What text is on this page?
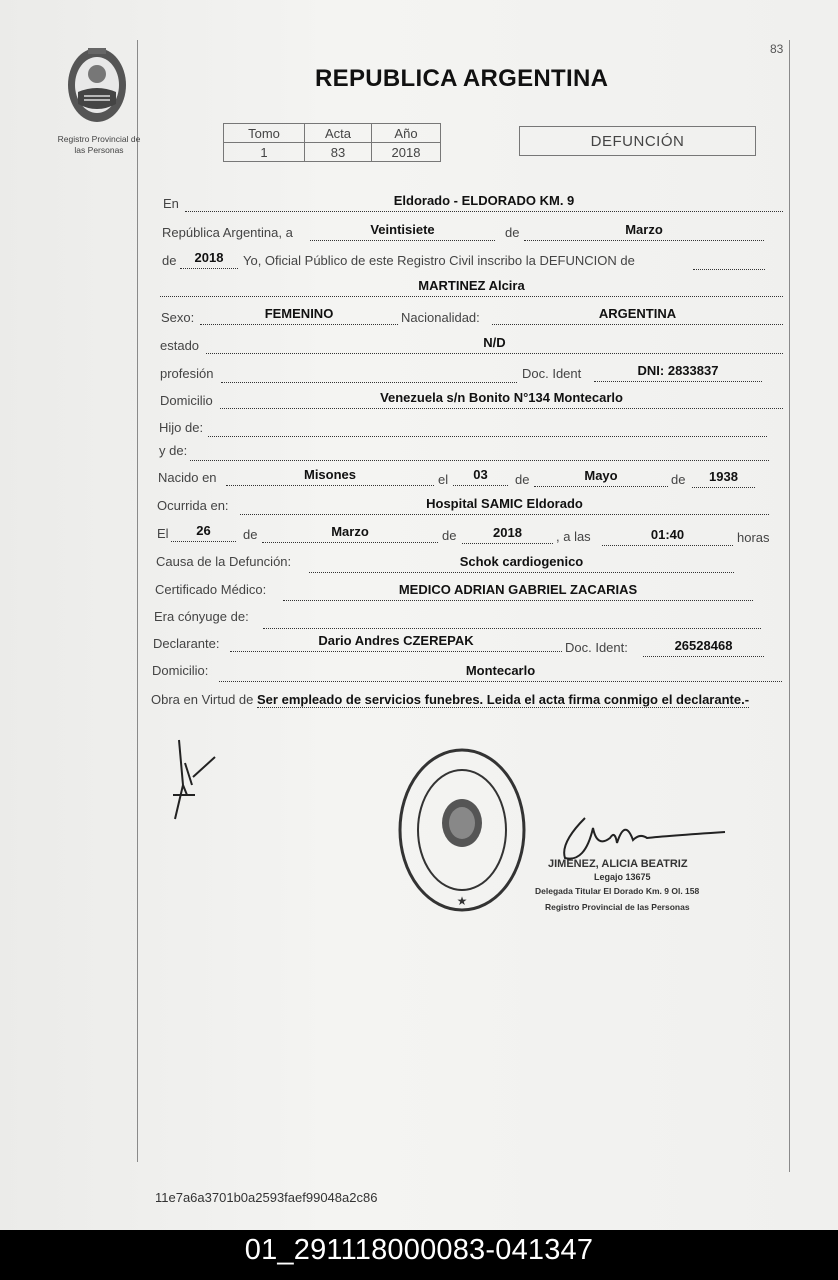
83
Registro Provincial de
las Personas
REPUBLICA ARGENTINA
Tomo	Acta	Año
1	83	2018
DEFUNCIÓN
En	Eldorado - ELDORADO KM. 9
República Argentina, a	Veintisiete	de	Marzo
de	2018	Yo, Oficial Público de este Registro Civil inscribo la DEFUNCION de
MARTINEZ Alcira
Sexo:	FEMENINO	Nacionalidad:	ARGENTINA
estado	N/D
profesión	Doc. Ident	DNI: 2833837
Domicilio	Venezuela s/n Bonito N°134 Montecarlo
Hijo de:
y de:
Nacido en	Misones	el	03	de	Mayo	de	1938
Ocurrida en:	Hospital SAMIC Eldorado
El	26	de	Marzo	de	2018	, a las	01:40	horas
Causa de la Defunción:	Schok cardiogenico
Certificado Médico:	MEDICO ADRIAN GABRIEL ZACARIAS
Era cónyuge de:
Declarante:	Dario Andres CZEREPAK	Doc. Ident:	26528468
Domicilio:	Montecarlo
Obra en Virtud de Ser empleado de servicios funebres. Leida el acta firma conmigo el declarante.-
★
JIMENEZ, ALICIA BEATRIZ
Legajo 13675
Delegada Titular El Dorado Km. 9 Ol. 158
Registro Provincial de las Personas
11e7a6a3701b0a2593faef99048a2c86
01_291118000083-041347
